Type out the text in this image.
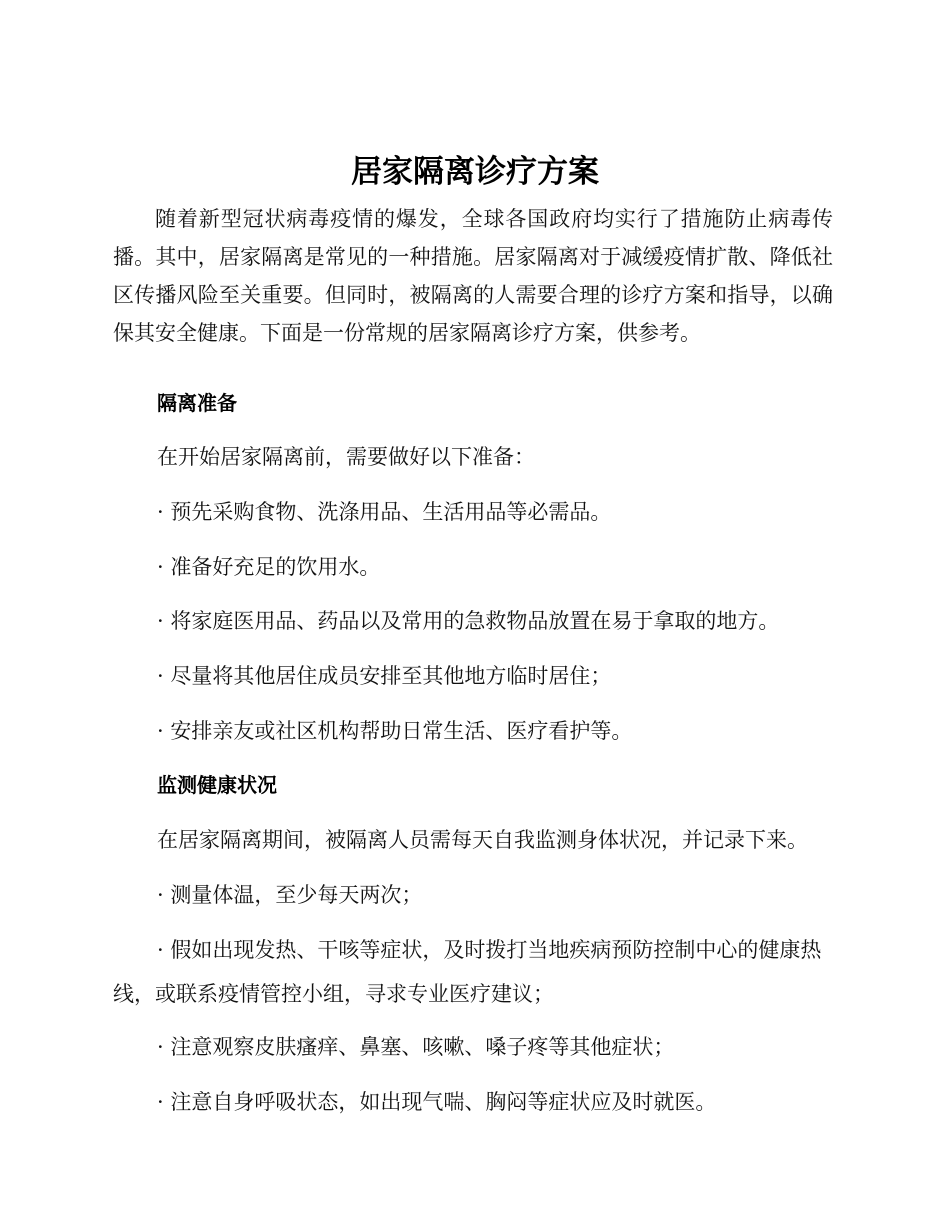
居家隔离诊疗方案

随着新型冠状病毒疫情的爆发，全球各国政府均实行了措施防止病毒传播。其中，居家隔离是常见的一种措施。居家隔离对于减缓疫情扩散、降低社区传播风险至关重要。但同时，被隔离的人需要合理的诊疗方案和指导，以确保其安全健康。下面是一份常规的居家隔离诊疗方案，供参考。

隔离准备

在开始居家隔离前，需要做好以下准备：

· 预先采购食物、洗涤用品、生活用品等必需品。

· 准备好充足的饮用水。

· 将家庭医用品、药品以及常用的急救物品放置在易于拿取的地方。

· 尽量将其他居住成员安排至其他地方临时居住；

· 安排亲友或社区机构帮助日常生活、医疗看护等。

监测健康状况

在居家隔离期间，被隔离人员需每天自我监测身体状况，并记录下来。

· 测量体温，至少每天两次；

· 假如出现发热、干咳等症状，及时拨打当地疾病预防控制中心的健康热线，或联系疫情管控小组，寻求专业医疗建议；

· 注意观察皮肤瘙痒、鼻塞、咳嗽、嗓子疼等其他症状；

· 注意自身呼吸状态，如出现气喘、胸闷等症状应及时就医。
